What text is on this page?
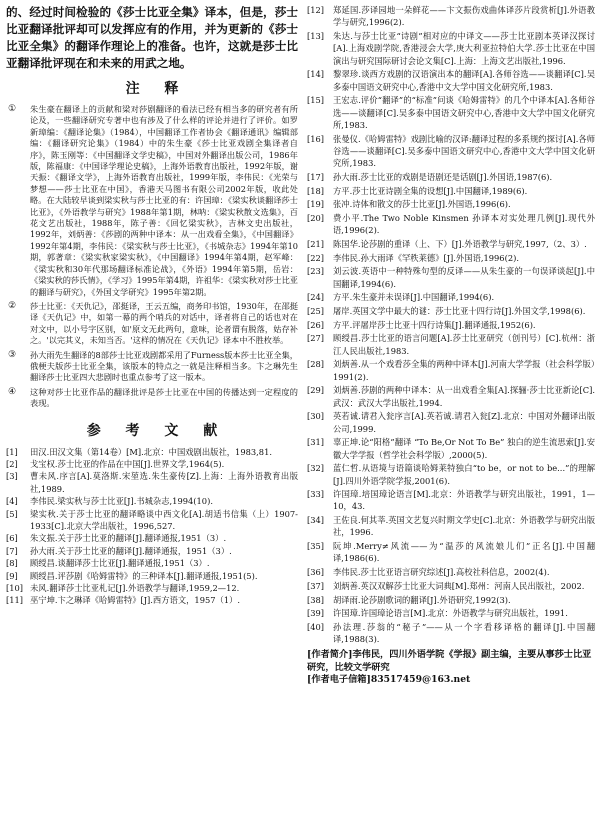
的、经过时间检验的《莎士比亚全集》译本，但是，莎士比亚翻译批评却可以发挥应有的作用，并为更新的《莎士比亚全集》的翻译作理论上的准备。也许，这就是莎士比亚翻译批评现在和未来的用武之地。

注 释
①	朱生豪在翻译上的贡献和梁对莎剧翻译的看法已经有相当多的研究者有所论及，一些翻译研究专著中也有涉及了什么样的评论并进行了评价。如罗新璋编：《翻译论集》（1984），中国翻译工作者协会《翻译通讯》编辑部编：《翻译研究论集》（1984）中的朱生豪《莎士比亚戏剧全集译者自序》，陈玉刚等：《中国翻译文学史稿》，中国对外翻译出版公司，1986年版，陈福康：《中国译学理论史稿》，上海外语教育出版社，1992年版，谢天振：《翻译文学》，上海外语教育出版社，1999年版，李伟民：《光荣与梦想——莎士比亚在中国》，香港天马图书有限公司2002年版，收此处略。在大陆较早谈到梁实秋与莎士比亚的有：许国璋：《梁实秋谈翻译莎士比亚》，《外语教学与研究》1988年第1期，林呐：《梁实秋散文选集》，百花文艺出版社，1988年，陈子善：《回忆梁实秋》，吉林文史出版社，1992年，刘炳善：《莎剧的两种中译本：从一出戏看全集》，《中国翻译》1992年第4期，李伟民：《梁实秋与莎士比亚》，《书城杂志》1994年第10期，郭著章：《梁实秋家梁实秋》，《中国翻译》1994年第4期，赵军峰：《梁实秋和30年代那场翻译标准论战》，《外语》1994年第5期，岳岩：《梁实秋的莎氏情》，《学习》1995年第4期，许祖华：《梁实秋对莎士比亚的翻译与研究》，《外国文学研究》1995年第2期。
②	莎士比亚：《天仇记》，邵挺译，王云五编，商务印书馆，1930年，在邵挺译《天仇记》中，如第一幕的两个哨兵的对话中，译者将自己的话也对在对文中，以小号字区别，如'原文无此两句，意味，论者谓有脱落，姑存补之。'以完其义，未知当否。'这样的情况在《天仇记》译本中不胜枚举。
③	孙大雨先生翻译的8部莎士比亚戏剧都采用了Furness版本莎士比亚全集，俄梗夫版莎士比亚全集，该版本的特点之一就是注释相当多。卞之琳先生翻译莎士比亚四大悲剧时也重点参考了这一版本。
④	这种对莎士比亚作品的翻译批评是莎士比亚在中国的传播达到一定程度的表现。
参 考 文 献
[1]	田汉.田汉文集（第14卷）[M].北京：中国戏剧出版社，1983,81.
[2]	戈宝权.莎士比亚的作品在中国[J].世界文学,1964(5).
[3]	曹未风.序言[A].莫洛斯.宋堃选.朱生豪传[Z].上海：上海外语教育出版社,1989.
[4]	李伟民.梁实秋与莎士比亚[J].书城杂志,1994(10).
[5]	梁实秋.关于莎士比亚的翻译略谈中西文化[A].胡适书信集（上）1907-1933[C].北京大学出版社，1996,527.
[6]	朱文振.关于莎士比亚的翻译[J].翻译通报,1951（3）.
[7]	孙大雨.关于莎士比亚的翻译[J].翻译通报，1951（3）.
[8]	顾绶昌.谈翻译莎士比亚[J].翻译通报,1951（3）.
[9]	顾绶昌.评莎剧《哈姆雷特》的三种译本[J].翻译通报,1951(5).
[10] 未风.翻译莎士比亚札记[J].外语教学与翻译,1959,2—12.
[11] 巫宁坤.卞之琳译《哈姆雷特》[J].西方语文，1957（1）.
[12]	郑延国.莎译园地一朵鲜花——卞文振伤戏曲体译莎片段赏析[J].外语教学与研究,1996(2).
[13]	朱达.与莎士比亚“诗剧”相对应的中译文——莎士比亚剧本英译汉探讨[A].上海戏剧学院,香港浸会大学,庚大利亚拉特伯大学.莎士比亚在中国演出与研究国际研讨会论文集[C].上海：上海文艺出版社,1996.
[14]	黎翠珍.谈西方戏剧的汉语演出本的翻译[A].各师谷选——谈翻译[C].吴多泰中国语文研究中心,香港中文大学中国文化研究所,1983.
[15]	王宏志.评价“翻译”的“标准”问谈《哈姆雷特》的几个中译本[A].各师谷选——谈翻译[C].吴多泰中国语文研究中心,香港中文大学中国文化研究所,1983.
[16]	张曼仪.《哈姆雷特》戏剧比喻的汉译:翻译过程的多系规约探讨[A].各师谷选——谈翻译[C].吴多泰中国语文研究中心,香港中文大学中国文化研究所,1983.
[17]	孙大雨.莎士比亚的戏剧是语剧还是话剧[J].外国语,1987(6).
[18]	方平.莎士比亚诗剧全集的设想[J].中国翻译,1989(6).
[19]	张冲.诗体和散文的莎士比亚[J].外国语,1996(6).
[20]	费小平.The Two Noble Kinsmen 孙译本对实处理几例[J].现代外语,1996(2).
[21]	陈国华.论莎剧的重译（上、下）[J].外语教学与研究,1997,（2、3）.
[22]	李伟民.孙大雨译《罕秩莱德》[J].外国语,1996(2).
[23]	刘云波.英语中一种特殊句型的反译——从朱生豪的一句误译谈起[J].中国翻译,1994(6).
[24]	方平.朱生豪并未误译[J].中国翻译,1994(6).
[25]	屠岸.英国文学中最大的谜：莎士比亚十四行诗[J].外国文学,1998(6).
[26]	方平.评屠岸莎士比亚十四行诗集[J].翻译通报,1952(6).
[27]	顾绶昌.莎士比亚的语言问题[A].莎士比亚研究（创刊号）[C].杭州：浙江人民出版社,1983.
[28]	刘炳善.从一个戏看莎全集的两种中译本[J].河南大学学报（社会科学版）1991(2).
[29]	刘炳善.莎剧的两种中译本：从一出戏看全集[A].探骊·莎士比亚新论[C].武汉：武汉大学出版社,1994.
[30]	英若诚.请君入瓮序言[A].英若诚.请君入瓮[Z].北京：中国对外翻译出版公司,1999.
[31]	辜正坤.论“阳格”翻译 “To Be,Or Not To Be” 独白的逆生流思索[J].安徽大学学报（哲学社会科学版）,2000(5).
[32]	蓝仁哲.从语境与语篇谈哈姆莱特独白“to be，or not to be...”的理解[J].四川外语学院学报,2001(6).
[33]	许国璋.培国璋论语言[M].北京：外语教学与研究出版社，1991，1—10，43.
[34]	王佐良.何其莘.英国文艺复兴时期文学史[C].北京：外语教学与研究出版社，1996.
[35]	阮坤.Merry≠风流——为“温莎的风流娘儿们”正名[J].中国翻译,1986(6).
[36]	李伟民.莎士比亚语言研究综述[J].高校社科信息，2002(4).
[37]	刘炳善.英汉双解莎士比亚大词典[M].郑州：河南人民出版社，2002.
[38]	胡译雨.论莎剧歌词的翻译[J].外语研究,1992(3).
[39]	许国璋.许国璋论语言[M].北京：外语教学与研究出版社，1991.
[40]	孙法理.莎翁的“秘子”——从一个字看移译格的翻译[J].中国翻译,1988(3).
[作者简介]李伟民，四川外语学院《学报》副主编，主要从事莎士比亚研究，比较文学研究
[作者电子信箱]83517459@163.net
